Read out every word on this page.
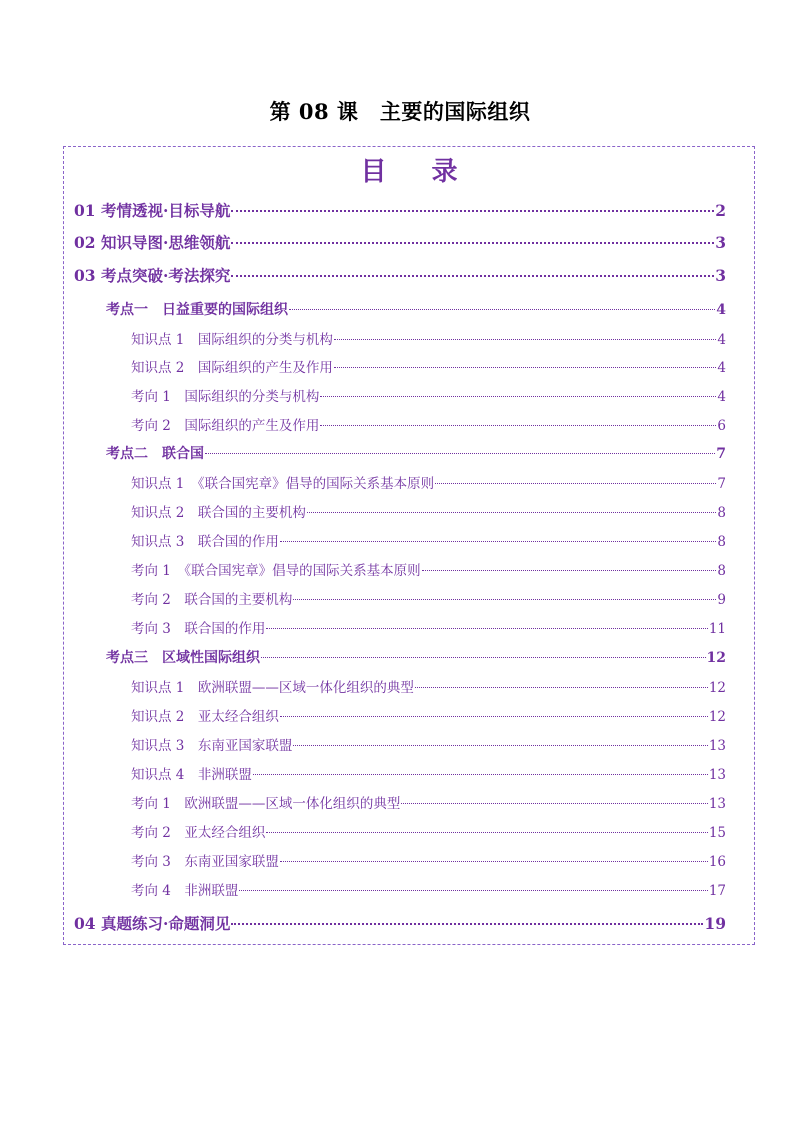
第 08 课　主要的国际组织
目 录
01 考情透视·目标导航	2
02 知识导图·思维领航	3
03 考点突破·考法探究	3
考点一　日益重要的国际组织	4
知识点 1　国际组织的分类与机构	4
知识点 2　国际组织的产生及作用	4
考向 1　国际组织的分类与机构	4
考向 2　国际组织的产生及作用	6
考点二　联合国	7
知识点 1　《联合国宪章》倡导的国际关系基本原则	7
知识点 2　联合国的主要机构	8
知识点 3　联合国的作用	8
考向 1　《联合国宪章》倡导的国际关系基本原则	8
考向 2　联合国的主要机构	9
考向 3　联合国的作用	11
考点三　区域性国际组织	12
知识点 1　欧洲联盟——区域一体化组织的典型	12
知识点 2　亚太经合组织	12
知识点 3　东南亚国家联盟	13
知识点 4　非洲联盟	13
考向 1　欧洲联盟——区域一体化组织的典型	13
考向 2　亚太经合组织	15
考向 3　东南亚国家联盟	16
考向 4　非洲联盟	17
04 真题练习·命题洞见	19
